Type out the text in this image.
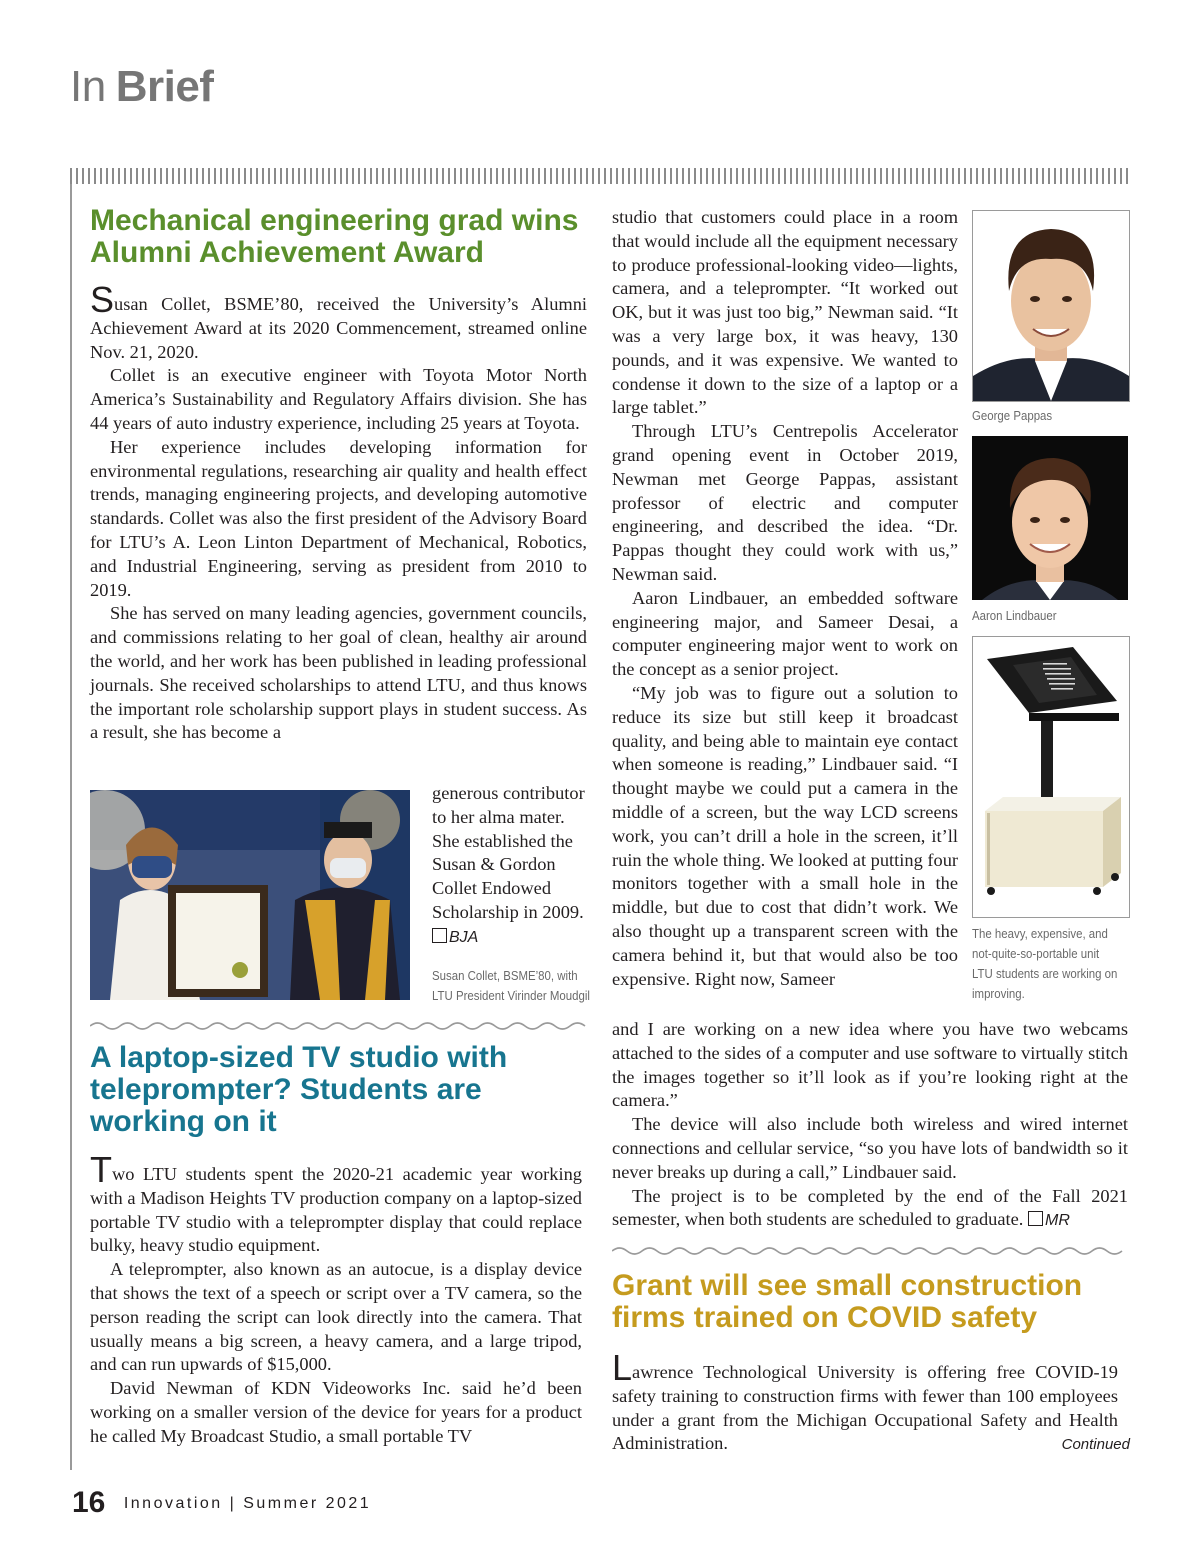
In Brief
Mechanical engineering grad wins Alumni Achievement Award

Susan Collet, BSME’80, received the University’s Alumni Achievement Award at its 2020 Commencement, streamed online Nov. 21, 2020.

Collet is an executive engineer with Toyota Motor North America’s Sustainability and Regulatory Affairs division. She has 44 years of auto industry experience, including 25 years at Toyota.

Her experience includes developing information for environmental regulations, researching air quality and health effect trends, managing engineering projects, and developing automotive standards. Collet was also the first president of the Advisory Board for LTU’s A. Leon Linton Department of Mechanical, Robotics, and Industrial Engineering, serving as president from 2010 to 2019.

She has served on many leading agencies, government councils, and commissions relating to her goal of clean, healthy air around the world, and her work has been published in leading professional journals. She received scholarships to attend LTU, and thus knows the important role scholarship support plays in student success. As a result, she has become a

generous contributor to her alma mater. She established the Susan & Gordon Collet Endowed Scholarship in 2009. BJA

Susan Collet, BSME’80, with LTU President Virinder Moudgil
A laptop-sized TV studio with teleprompter? Students are working on it

Two LTU students spent the 2020-21 academic year working with a Madison Heights TV production company on a laptop-sized portable TV studio with a teleprompter display that could replace bulky, heavy studio equipment.

A teleprompter, also known as an autocue, is a display device that shows the text of a speech or script over a TV camera, so the person reading the script can look directly into the camera. That usually means a big screen, a heavy camera, and a large tripod, and can run upwards of $15,000.

David Newman of KDN Videoworks Inc. said he’d been working on a smaller version of the device for years for a product he called My Broadcast Studio, a small portable TV

studio that customers could place in a room that would include all the equipment necessary to produce professional-looking video—lights, camera, and a teleprompter. “It worked out OK, but it was just too big,” Newman said. “It was a very large box, it was heavy, 130 pounds, and it was expensive. We wanted to condense it down to the size of a laptop or a large tablet.”

Through LTU’s Centrepolis Accelerator grand opening event in October 2019, Newman met George Pappas, assistant professor of electric and computer engineering, and described the idea. “Dr. Pappas thought they could work with us,” Newman said.

Aaron Lindbauer, an embedded software engineering major, and Sameer Desai, a computer engineering major went to work on the concept as a senior project.

“My job was to figure out a solution to reduce its size but still keep it broadcast quality, and being able to maintain eye contact when someone is reading,” Lindbauer said. “I thought maybe we could put a camera in the middle of a screen, but the way LCD screens work, you can’t drill a hole in the screen, it’ll ruin the whole thing. We looked at putting four monitors together with a small hole in the middle, but due to cost that didn’t work. We also thought up a transparent screen with the camera behind it, but that would also be too expensive. Right now, Sameer

and I are working on a new idea where you have two webcams attached to the sides of a computer and use software to virtually stitch the images together so it’ll look as if you’re looking right at the camera.”

The device will also include both wireless and wired internet connections and cellular service, “so you have lots of bandwidth so it never breaks up during a call,” Lindbauer said.

The project is to be completed by the end of the Fall 2021 semester, when both students are scheduled to graduate. MR

George Pappas
Aaron Lindbauer
The heavy, expensive, and not-quite-so-portable unit LTU students are working on improving.
Grant will see small construction firms trained on COVID safety

Lawrence Technological University is offering free COVID-19 safety training to construction firms with fewer than 100 employees under a grant from the Michigan Occupational Safety and Health Administration.	Continued
16 Innovation | Summer 2021
